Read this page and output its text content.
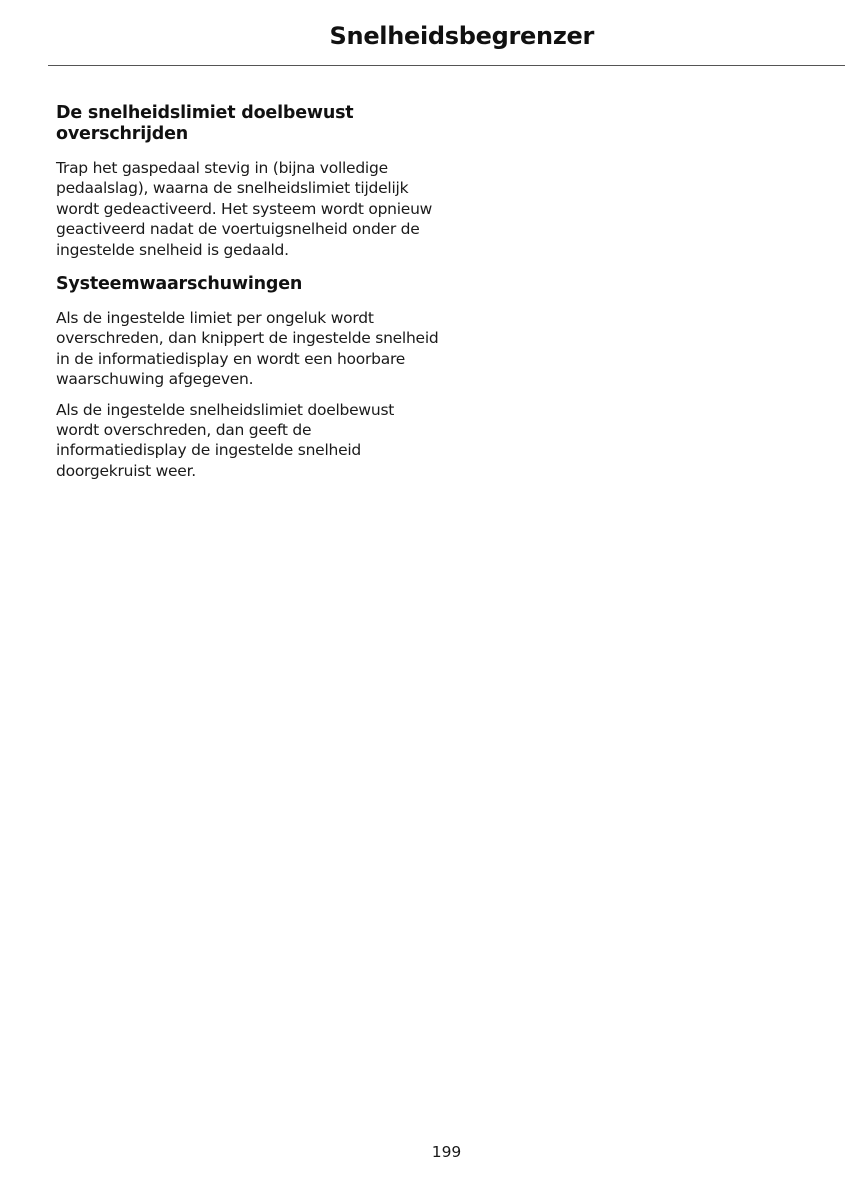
Snelheidsbegrenzer
De snelheidslimiet doelbewust overschrijden

Trap het gaspedaal stevig in (bijna volledige pedaalslag), waarna de snelheidslimiet tijdelijk wordt gedeactiveerd. Het systeem wordt opnieuw geactiveerd nadat de voertuigsnelheid onder de ingestelde snelheid is gedaald.

Systeemwaarschuwingen

Als de ingestelde limiet per ongeluk wordt overschreden, dan knippert de ingestelde snelheid in de informatiedisplay en wordt een hoorbare waarschuwing afgegeven.

Als de ingestelde snelheidslimiet doelbewust wordt overschreden, dan geeft de informatiedisplay de ingestelde snelheid doorgekruist weer.

199
